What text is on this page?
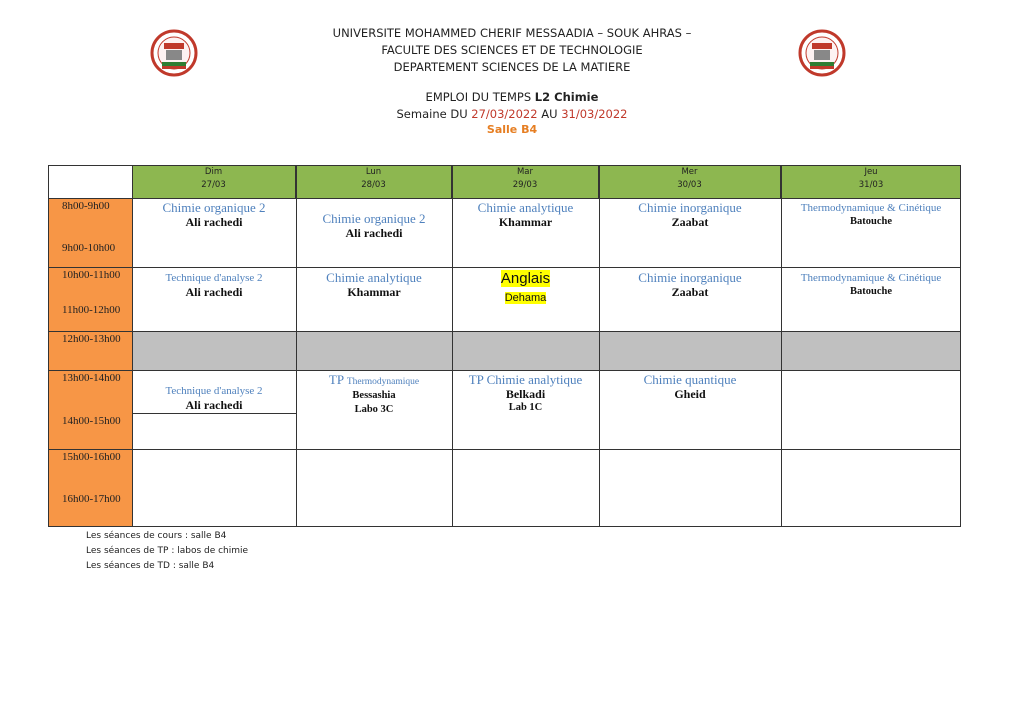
UNIVERSITE MOHAMMED CHERIF MESSAADIA – SOUK AHRAS –
FACULTE DES SCIENCES ET DE TECHNOLOGIE
DEPARTEMENT SCIENCES DE LA MATIERE
EMPLOI DU TEMPS L2 Chimie
Semaine DU 27/03/2022 AU 31/03/2022
Salle B4
Dim
27/03
Lun
28/03
Mar
29/03
Mer
30/03
Jeu
31/03
8h00-9h00
9h00-10h00
10h00-11h00
11h00-12h00
12h00-13h00
13h00-14h00
14h00-15h00
15h00-16h00
16h00-17h00
Chimie organique 2
Ali rachedi	Chimie organique 2
Ali rachedi
Chimie analytique
Khammar
Chimie inorganique
Zaabat
Thermodynamique & Cinétique
Batouche
Technique d'analyse 2
Ali rachedi
Chimie analytique
Khammar
Anglais
Dehama
Chimie inorganique
Zaabat
Thermodynamique & Cinétique
Batouche
Technique d'analyse 2
Ali rachedi
TP Thermodynamique
Bessashia
Labo 3C
TP Chimie analytique
Belkadi
Lab 1C
Chimie quantique
Gheid
Les séances de cours : salle B4
Les séances de TP : labos de chimie
Les séances de TD : salle B4
